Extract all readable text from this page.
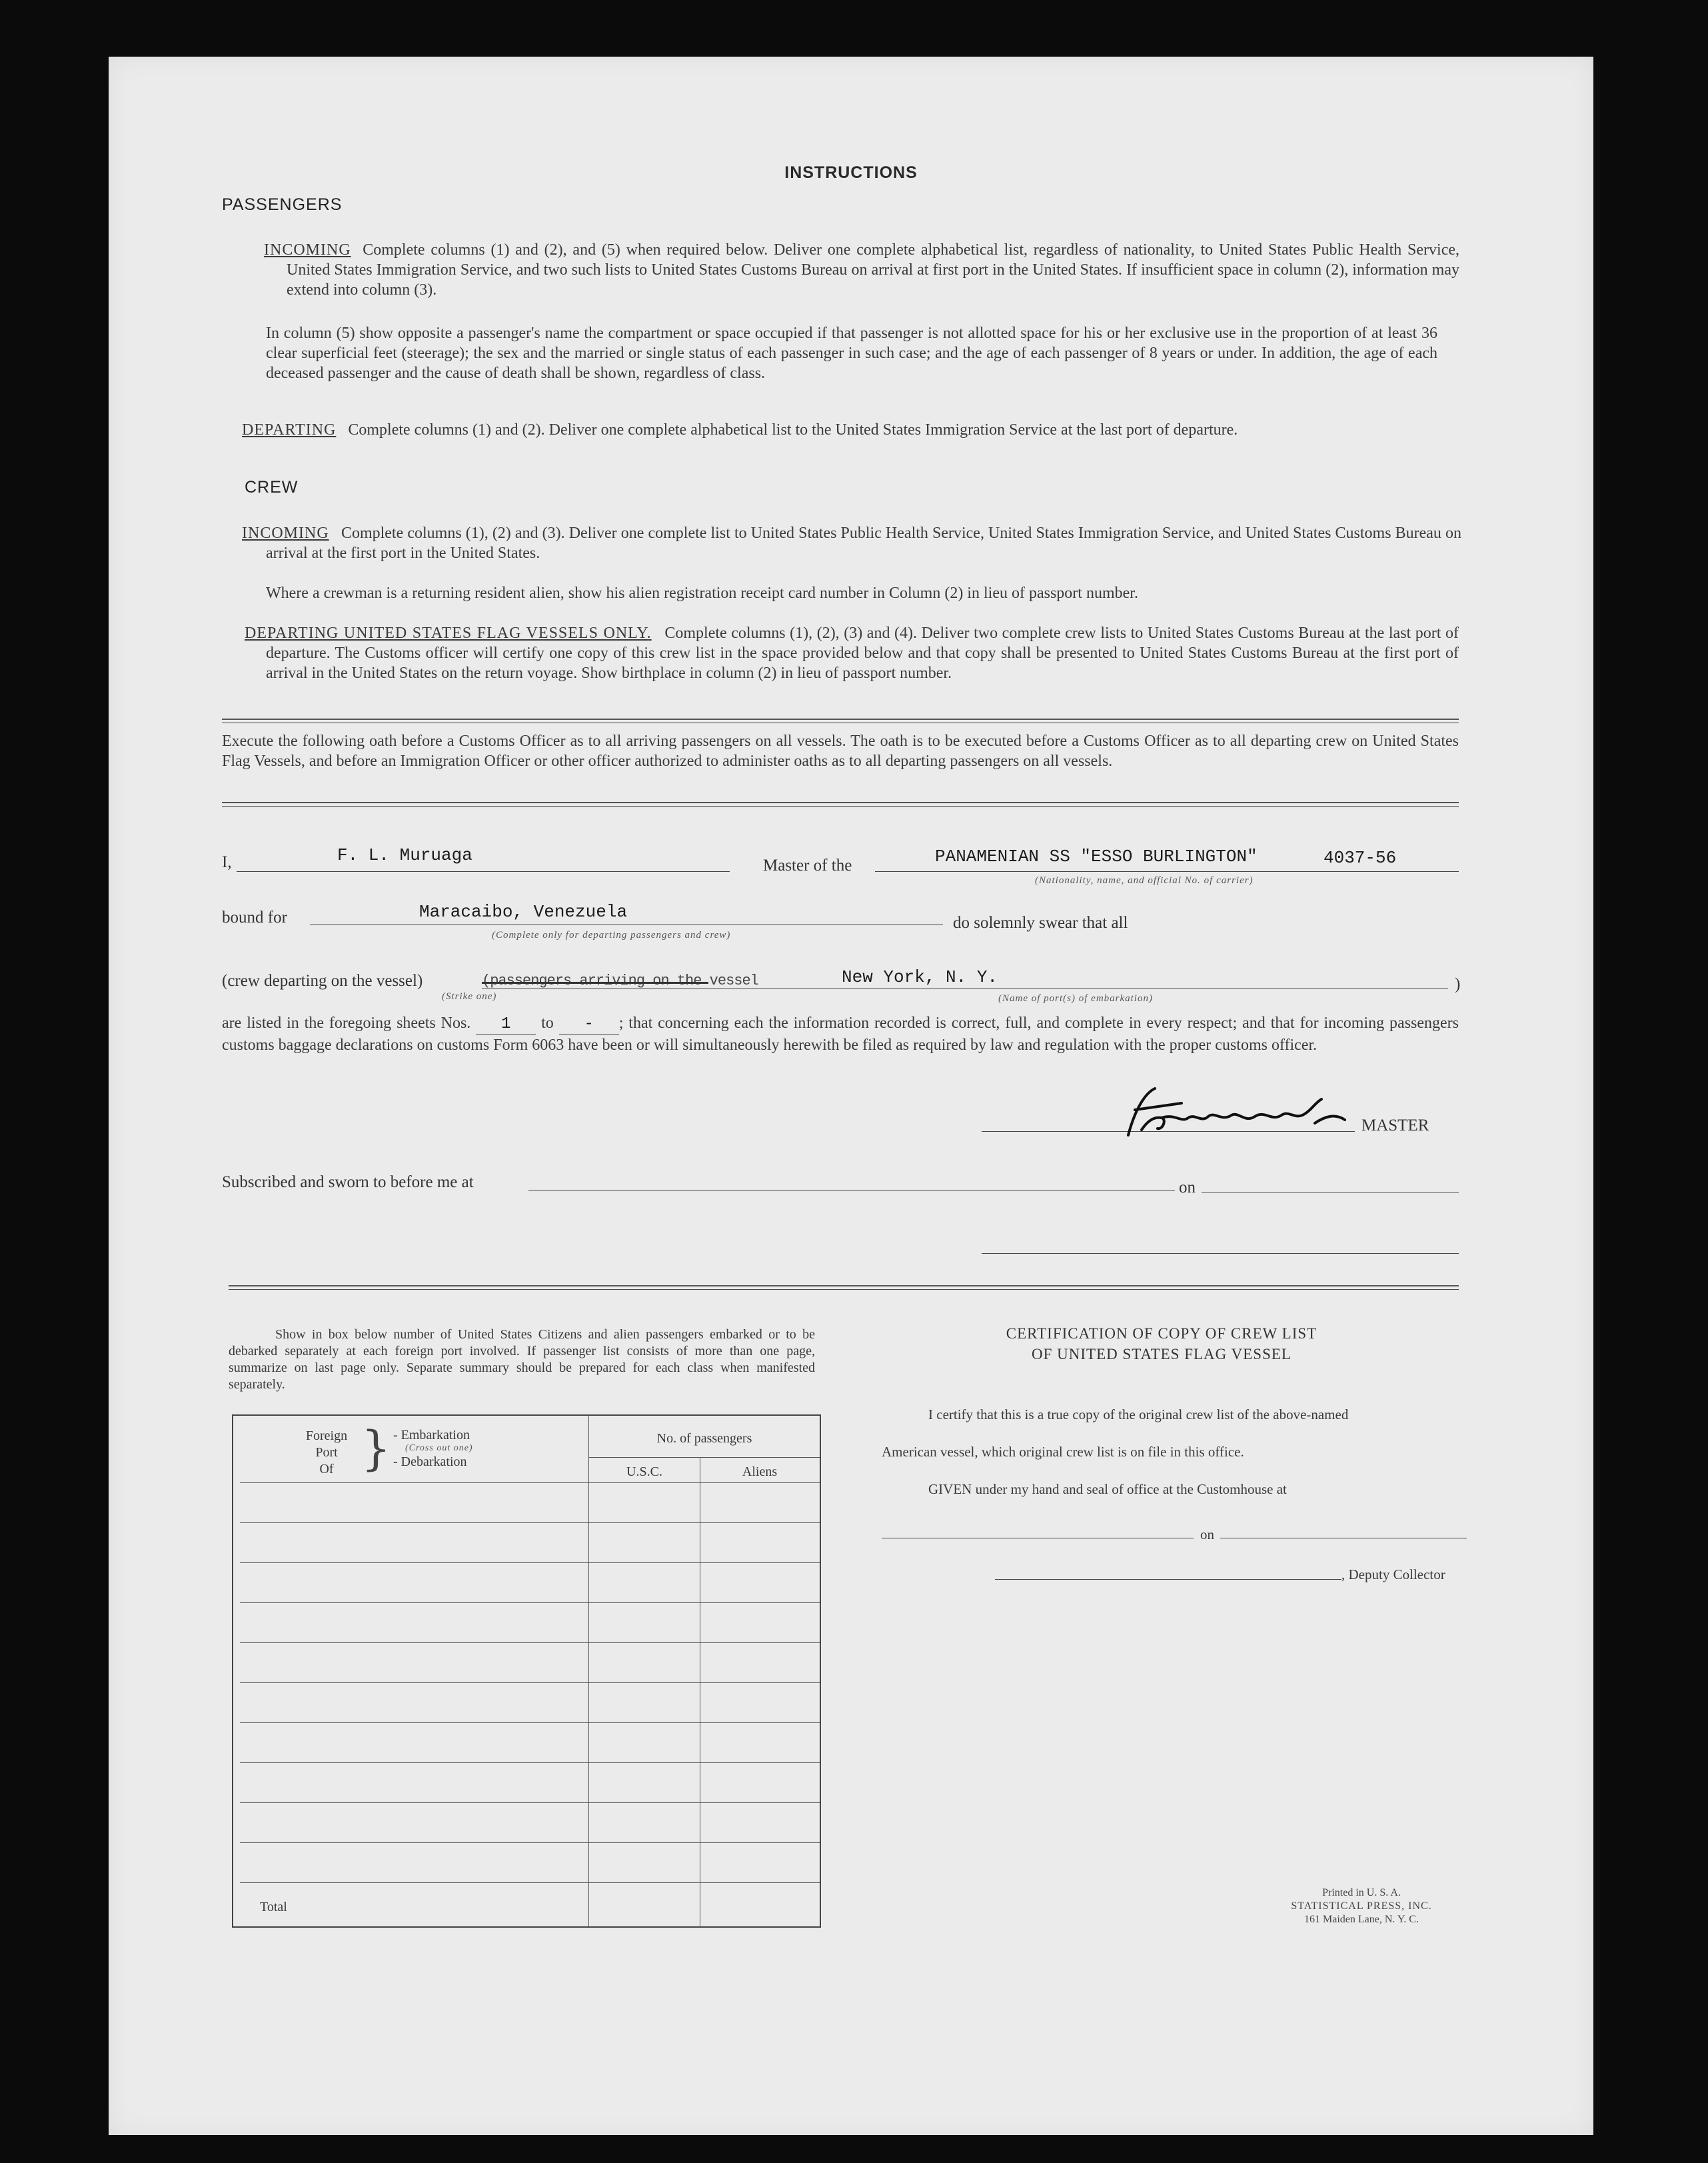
INSTRUCTIONS
PASSENGERS
INCOMING Complete columns (1) and (2), and (5) when required below. Deliver one complete alphabetical list, regardless of nationality, to United States Public Health Service, United States Immigration Service, and two such lists to United States Customs Bureau on arrival at first port in the United States. If insufficient space in column (2), information may extend into column (3).
In column (5) show opposite a passenger's name the compartment or space occupied if that passenger is not allotted space for his or her exclusive use in the proportion of at least 36 clear superficial feet (steerage); the sex and the married or single status of each passenger in such case; and the age of each passenger of 8 years or under. In addition, the age of each deceased passenger and the cause of death shall be shown, regardless of class.
DEPARTING Complete columns (1) and (2). Deliver one complete alphabetical list to the United States Immigration Service at the last port of departure.
CREW
INCOMING Complete columns (1), (2) and (3). Deliver one complete list to United States Public Health Service, United States Immigration Service, and United States Customs Bureau on arrival at the first port in the United States.
Where a crewman is a returning resident alien, show his alien registration receipt card number in Column (2) in lieu of passport number.
DEPARTING UNITED STATES FLAG VESSELS ONLY. Complete columns (1), (2), (3) and (4). Deliver two complete crew lists to United States Customs Bureau at the last port of departure. The Customs officer will certify one copy of this crew list in the space provided below and that copy shall be presented to United States Customs Bureau at the first port of arrival in the United States on the return voyage. Show birthplace in column (2) in lieu of passport number.
Execute the following oath before a Customs Officer as to all arriving passengers on all vessels. The oath is to be executed before a Customs Officer as to all departing crew on United States Flag Vessels, and before an Immigration Officer or other officer authorized to administer oaths as to all departing passengers on all vessels.
I,	F. L. Muruaga
Master of the	PANAMENIAN SS "ESSO BURLINGTON"	4037-56
(Nationality, name, and official No. of carrier)
bound for	Maracaibo, Venezuela
(Complete only for departing passengers and crew)
do solemnly swear that all
(crew departing on the vessel)	(passengers arriving on the vessel
(Strike one)
New York, N. Y.
(Name of port(s) of embarkation)
)
are listed in the foregoing sheets Nos. 1 to - ; that concerning each the information recorded is correct, full, and complete in every respect; and that for incoming passengers customs baggage declarations on customs Form 6063 have been or will simultaneously herewith be filed as required by law and regulation with the proper customs officer.
MASTER
Subscribed and sworn to before me at	on
Show in box below number of United States Citizens and alien passengers embarked or to be debarked separately at each foreign port involved. If passenger list consists of more than one page, summarize on last page only. Separate summary should be prepared for each class when manifested separately.
Foreign
Port
Of } - Embarkation
(Cross out one)
- Debarkation
No. of passengers
U.S.C.	Aliens
Total
CERTIFICATION OF COPY OF CREW LIST
OF UNITED STATES FLAG VESSEL
I certify that this is a true copy of the original crew list of the above-named
American vessel, which original crew list is on file in this office.
GIVEN under my hand and seal of office at the Customhouse at
on
, Deputy Collector
Printed in U. S. A.
STATISTICAL PRESS, INC.
161 Maiden Lane, N. Y. C.
